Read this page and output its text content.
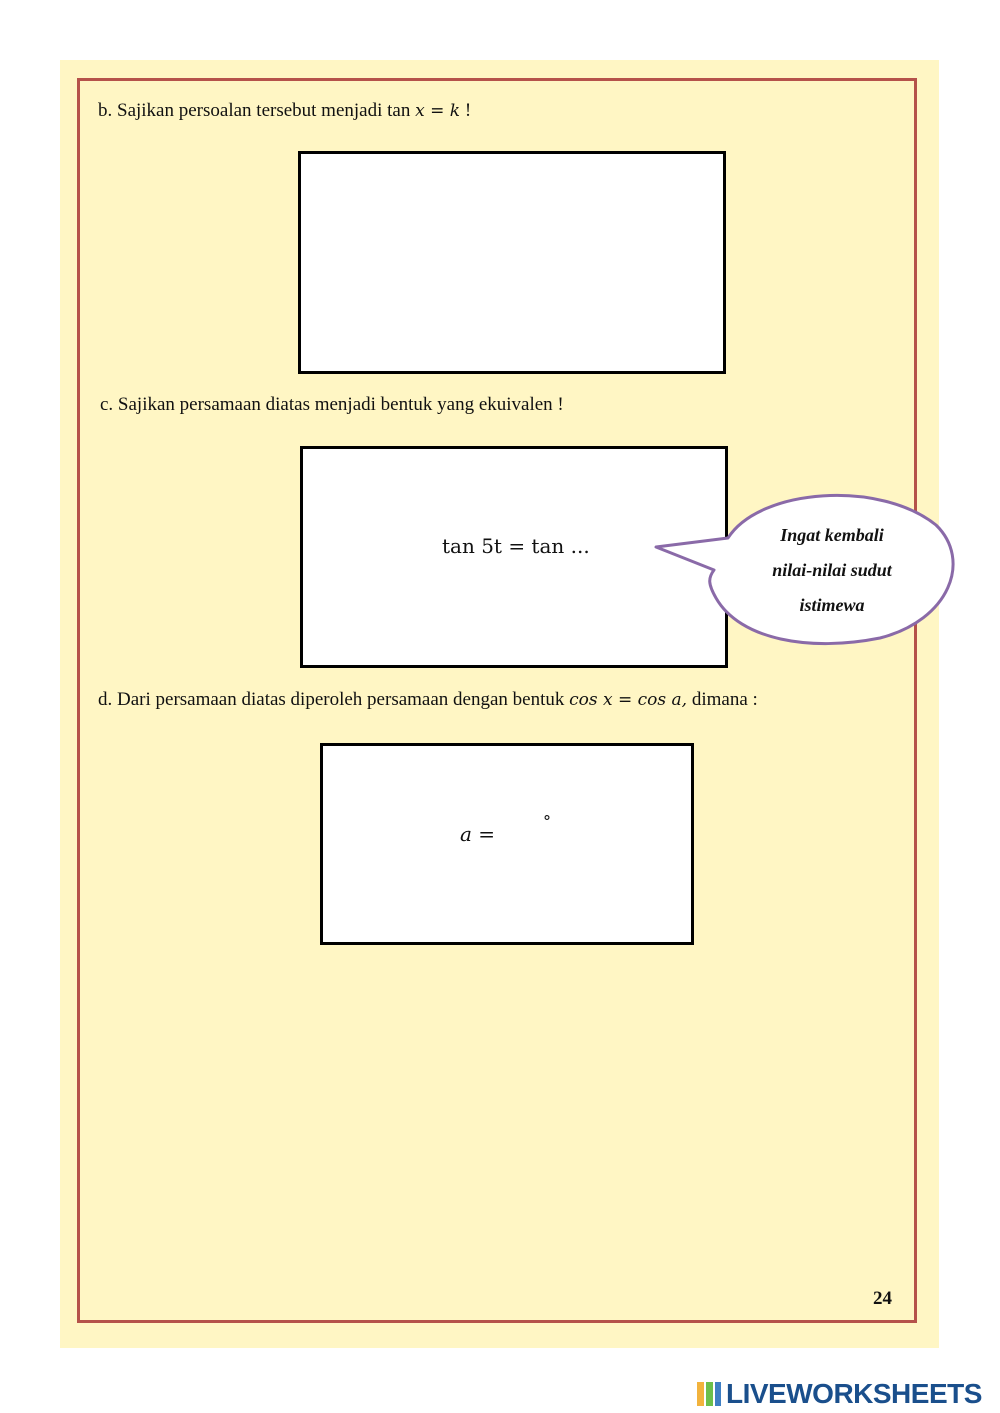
b. Sajikan persoalan tersebut menjadi tan x = k !
c. Sajikan persamaan diatas menjadi bentuk yang ekuivalen !
tan 5t = tan ...	Ingat kembali
nilai-nilai sudut
istimewa
d. Dari persamaan diatas diperoleh persamaan dengan bentuk cos x = cos a, dimana :
a =
°
24
LIVEWORKSHEETS
